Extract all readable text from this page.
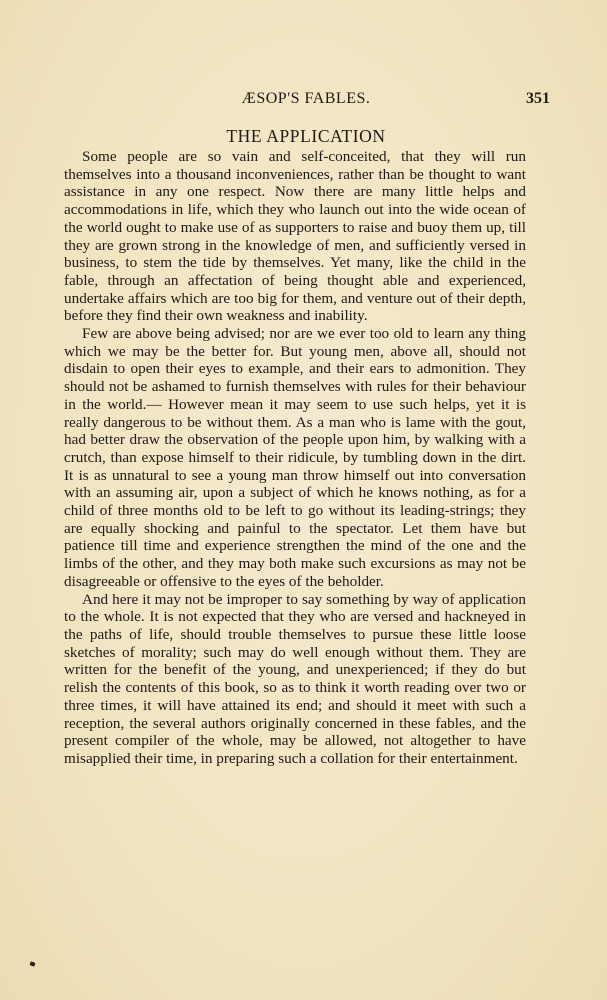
ÆSOP'S FABLES.	351
THE APPLICATION

Some people are so vain and self-conceited, that they will run themselves into a thousand inconveniences, rather than be thought to want assistance in any one respect. Now there are many little helps and accommodations in life, which they who launch out into the wide ocean of the world ought to make use of as supporters to raise and buoy them up, till they are grown strong in the knowledge of men, and sufficiently versed in business, to stem the tide by themselves. Yet many, like the child in the fable, through an affectation of being thought able and experienced, undertake affairs which are too big for them, and venture out of their depth, before they find their own weakness and inability.

Few are above being advised; nor are we ever too old to learn any thing which we may be the better for. But young men, above all, should not disdain to open their eyes to example, and their ears to admonition. They should not be ashamed to furnish themselves with rules for their behaviour in the world.— However mean it may seem to use such helps, yet it is really dangerous to be without them. As a man who is lame with the gout, had better draw the observation of the people upon him, by walking with a crutch, than expose himself to their ridicule, by tumbling down in the dirt. It is as unnatural to see a young man throw himself out into conversation with an assuming air, upon a subject of which he knows nothing, as for a child of three months old to be left to go without its leading-strings; they are equally shocking and painful to the spectator. Let them have but patience till time and experience strengthen the mind of the one and the limbs of the other, and they may both make such excursions as may not be disagreeable or offensive to the eyes of the beholder.

And here it may not be improper to say something by way of application to the whole. It is not expected that they who are versed and hackneyed in the paths of life, should trouble themselves to pursue these little loose sketches of morality; such may do well enough without them. They are written for the benefit of the young, and unexperienced; if they do but relish the contents of this book, so as to think it worth reading over two or three times, it will have attained its end; and should it meet with such a reception, the several authors originally concerned in these fables, and the present compiler of the whole, may be allowed, not altogether to have misapplied their time, in preparing such a collation for their entertainment.
